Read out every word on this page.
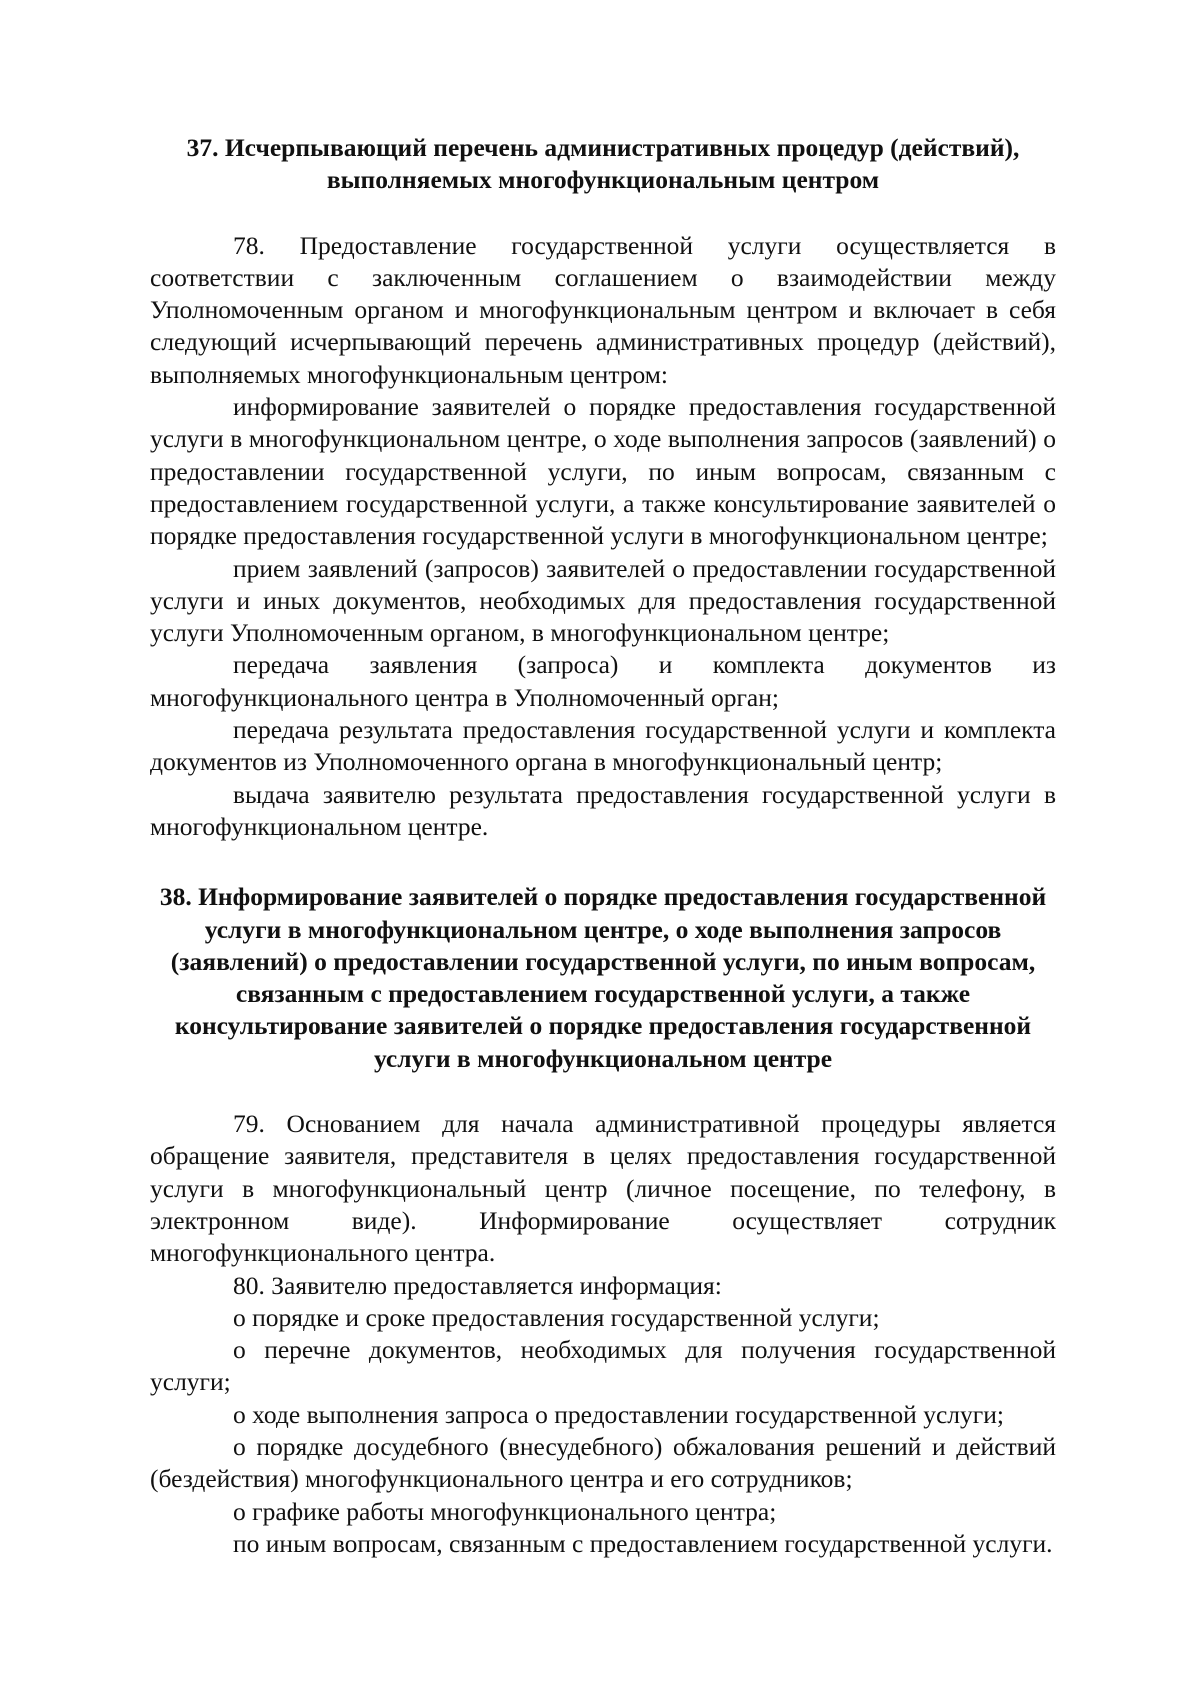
37. Исчерпывающий перечень административных процедур (действий),
выполняемых многофункциональным центром

78. Предоставление государственной услуги осуществляется в соответствии с заключенным соглашением о взаимодействии между Уполномоченным органом и многофункциональным центром и включает в себя следующий исчерпывающий перечень административных процедур (действий), выполняемых многофункциональным центром:

информирование заявителей о порядке предоставления государственной услуги в многофункциональном центре, о ходе выполнения запросов (заявлений) о предоставлении государственной услуги, по иным вопросам, связанным с предоставлением государственной услуги, а также консультирование заявителей о порядке предоставления государственной услуги в многофункциональном центре;

прием заявлений (запросов) заявителей о предоставлении государственной услуги и иных документов, необходимых для предоставления государственной услуги Уполномоченным органом, в многофункциональном центре;

передача заявления (запроса) и комплекта документов из многофункционального центра в Уполномоченный орган;

передача результата предоставления государственной услуги и комплекта документов из Уполномоченного органа в многофункциональный центр;

выдача заявителю результата предоставления государственной услуги в многофункциональном центре.

38. Информирование заявителей о порядке предоставления государственной
услуги в многофункциональном центре, о ходе выполнения запросов
(заявлений) о предоставлении государственной услуги, по иным вопросам,
связанным с предоставлением государственной услуги, а также
консультирование заявителей о порядке предоставления государственной
услуги в многофункциональном центре

79. Основанием для начала административной процедуры является обращение заявителя, представителя в целях предоставления государственной услуги в многофункциональный центр (личное посещение, по телефону, в электронном виде). Информирование осуществляет сотрудник многофункционального центра.

80. Заявителю предоставляется информация:

о порядке и сроке предоставления государственной услуги;

о перечне документов, необходимых для получения государственной услуги;

о ходе выполнения запроса о предоставлении государственной услуги;

о порядке досудебного (внесудебного) обжалования решений и действий (бездействия) многофункционального центра и его сотрудников;

о графике работы многофункционального центра;

по иным вопросам, связанным с предоставлением государственной услуги.
